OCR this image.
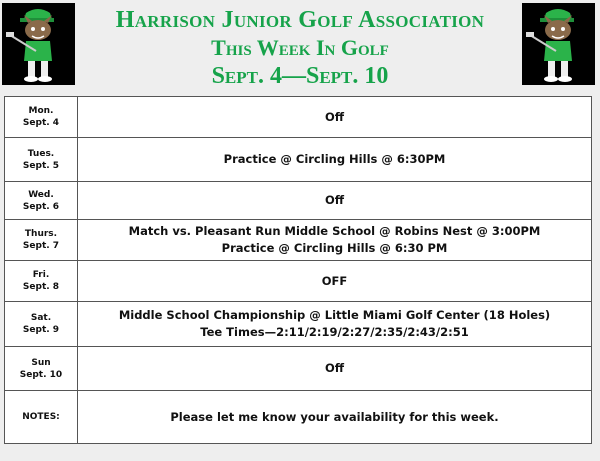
Harrison Junior Golf Association
This Week In Golf
Sept. 4—Sept. 10
Mon.
Sept. 4	Off
Tues.
Sept. 5	Practice @ Circling Hills @ 6:30PM
Wed.
Sept. 6	Off
Thurs.
Sept. 7	Match vs. Pleasant Run Middle School @ Robins Nest @ 3:00PM
Practice @ Circling Hills @ 6:30 PM
Fri.
Sept. 8	OFF
Sat.
Sept. 9	Middle School Championship @ Little Miami Golf Center (18 Holes)
Tee Times—2:11/2:19/2:27/2:35/2:43/2:51
Sun
Sept. 10	Off
NOTES:	Please let me know your availability for this week.
